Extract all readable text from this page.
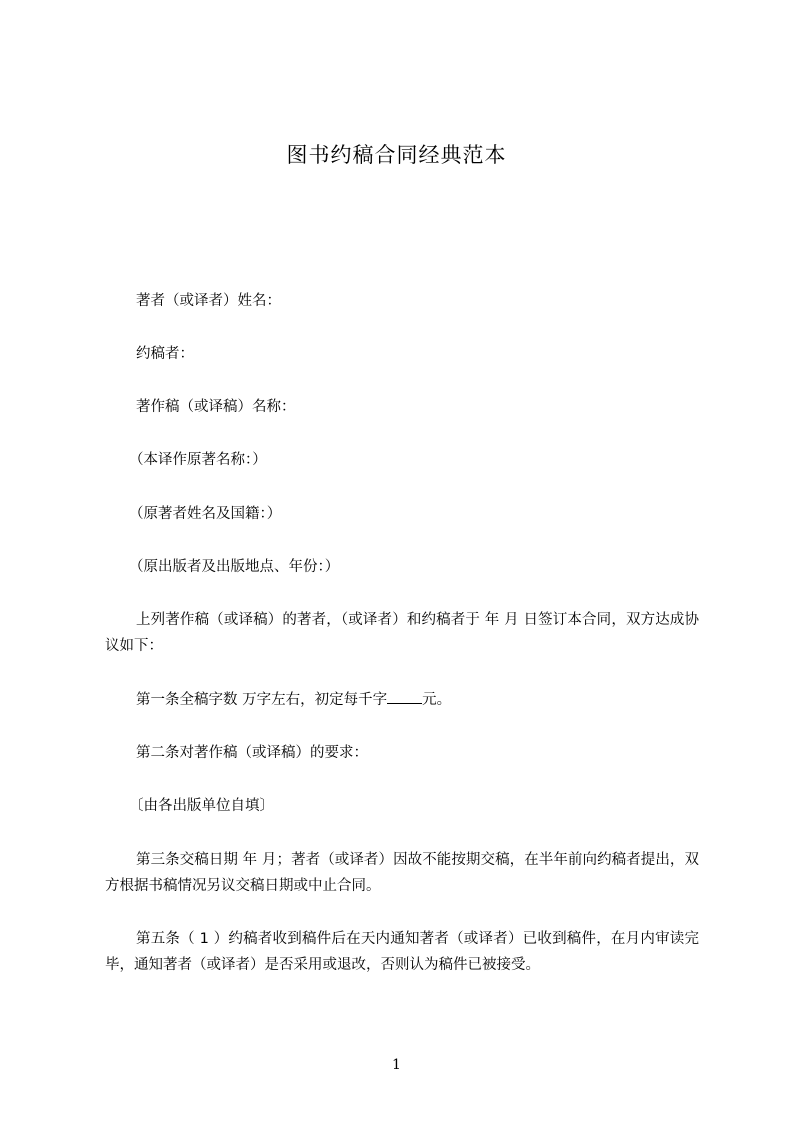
图书约稿合同经典范本

著者（或译者）姓名：

约稿者：

著作稿（或译稿）名称：

（本译作原著名称：）

（原著者姓名及国籍：）

（原出版者及出版地点、年份：）

上列著作稿（或译稿）的著者，（或译者）和约稿者于 年 月 日签订本合同，双方达成协议如下：

第一条全稿字数 万字左右，初定每千字 元。

第二条对著作稿（或译稿）的要求：

〔由各出版单位自填〕

第三条交稿日期 年 月；著者（或译者）因故不能按期交稿，在半年前向约稿者提出，双方根据书稿情况另议交稿日期或中止合同。

第五条（ 1 ）约稿者收到稿件后在天内通知著者（或译者）已收到稿件，在月内审读完毕，通知著者（或译者）是否采用或退改，否则认为稿件已被接受。

1
